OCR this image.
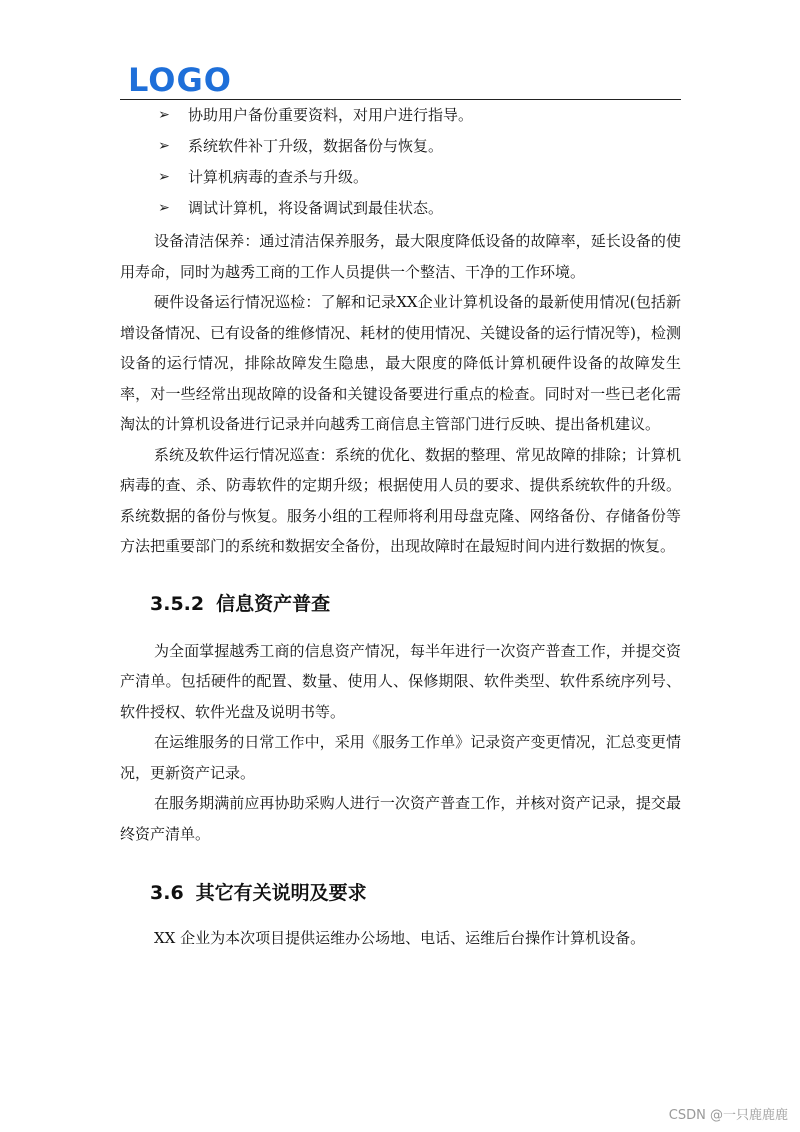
LOGO
➢	协助用户备份重要资料，对用户进行指导。
➢	系统软件补丁升级，数据备份与恢复。
➢	计算机病毒的查杀与升级。
➢	调试计算机，将设备调试到最佳状态。

设备清洁保养：通过清洁保养服务，最大限度降低设备的故障率，延长设备的使用寿命，同时为越秀工商的工作人员提供一个整洁、干净的工作环境。

硬件设备运行情况巡检：了解和记录XX企业计算机设备的最新使用情况(包括新增设备情况、已有设备的维修情况、耗材的使用情况、关键设备的运行情况等)，检测设备的运行情况，排除故障发生隐患，最大限度的降低计算机硬件设备的故障发生率，对一些经常出现故障的设备和关键设备要进行重点的检查。同时对一些已老化需淘汰的计算机设备进行记录并向越秀工商信息主管部门进行反映、提出备机建议。

系统及软件运行情况巡查：系统的优化、数据的整理、常见故障的排除；计算机病毒的查、杀、防毒软件的定期升级；根据使用人员的要求、提供系统软件的升级。系统数据的备份与恢复。服务小组的工程师将利用母盘克隆、网络备份、存储备份等方法把重要部门的系统和数据安全备份，出现故障时在最短时间内进行数据的恢复。

3.5.2 信息资产普查

为全面掌握越秀工商的信息资产情况，每半年进行一次资产普查工作，并提交资产清单。包括硬件的配置、数量、使用人、保修期限、软件类型、软件系统序列号、软件授权、软件光盘及说明书等。

在运维服务的日常工作中，采用《服务工作单》记录资产变更情况，汇总变更情况，更新资产记录。

在服务期满前应再协助采购人进行一次资产普查工作，并核对资产记录，提交最终资产清单。

3.6 其它有关说明及要求

XX 企业为本次项目提供运维办公场地、电话、运维后台操作计算机设备。

CSDN @一只鹿鹿鹿
